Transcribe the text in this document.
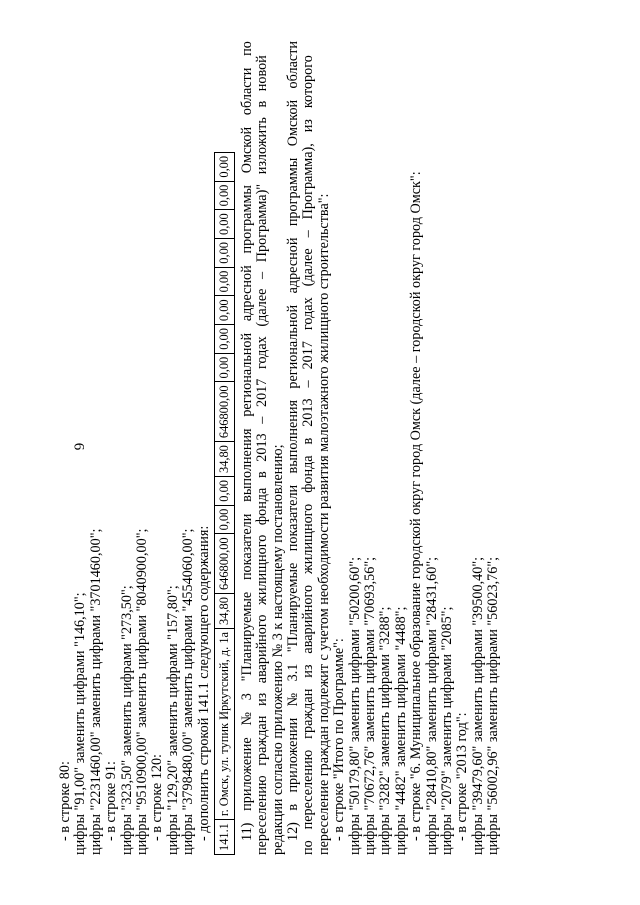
6
- в строке 80: цифры "91,00" заменить цифрами "146,10"; цифры "2231460,00" заменить цифрами "3701460,00"; - в строке 91: цифры "323,50" заменить цифрами "273,50"; цифры "9510900,00" заменить цифрами "8040900,00"; - в строке 120: цифры "129,20" заменить цифрами "157,80"; цифры "3798480,00" заменить цифрами "4554060,00"; - дополнить строкой 141.1 следующего содержания: 141.1	г. Омск, ул. тупик Иркутский, д. 1а	34,80	646800,00	0,00	0,00	34,80	646800,00	0,00	0,00	0,00	0,00	0,00	0,00	0,00	0,00
11)
приложение
№
3
"Планируемые
показатели
выполнения
региональной
адресной
программы
Омской
области
по
переселению
граждан
из
аварийного
жилищного
фонда
в
2013
–
2017
годах
(далее
–
Программа)"
изложить
в
новой
редакции согласно приложению № 3 к настоящему постановлению; 12)
в
приложении
№
3.1
"Планируемые
показатели
выполнения
региональной
адресной
программы
Омской
области
по
переселению
граждан
из
аварийного
жилищного
фонда
в
2013
–
2017
годах
(далее
–
Программа),
из
которого
переселение граждан подлежит с учетом необходимости развития малоэтажного жилищного строительства": - в строке "Итого по Программе": цифры "50179,80" заменить цифрами "50200,60"; цифры "70672,76" заменить цифрами "70693,56"; цифры "3282" заменить цифрами "3288"; цифры "4482" заменить цифрами "4488"; - в строке "6. Муниципальное образование городской округ город Омск (далее – городской округ город Омск": цифры "28410,80" заменить цифрами "28431,60"; цифры "2079" заменить цифрами "2085"; - в строке "2013 год": цифры "39479,60" заменить цифрами "39500,40"; цифры "56002,96" заменить цифрами "56023,76";
